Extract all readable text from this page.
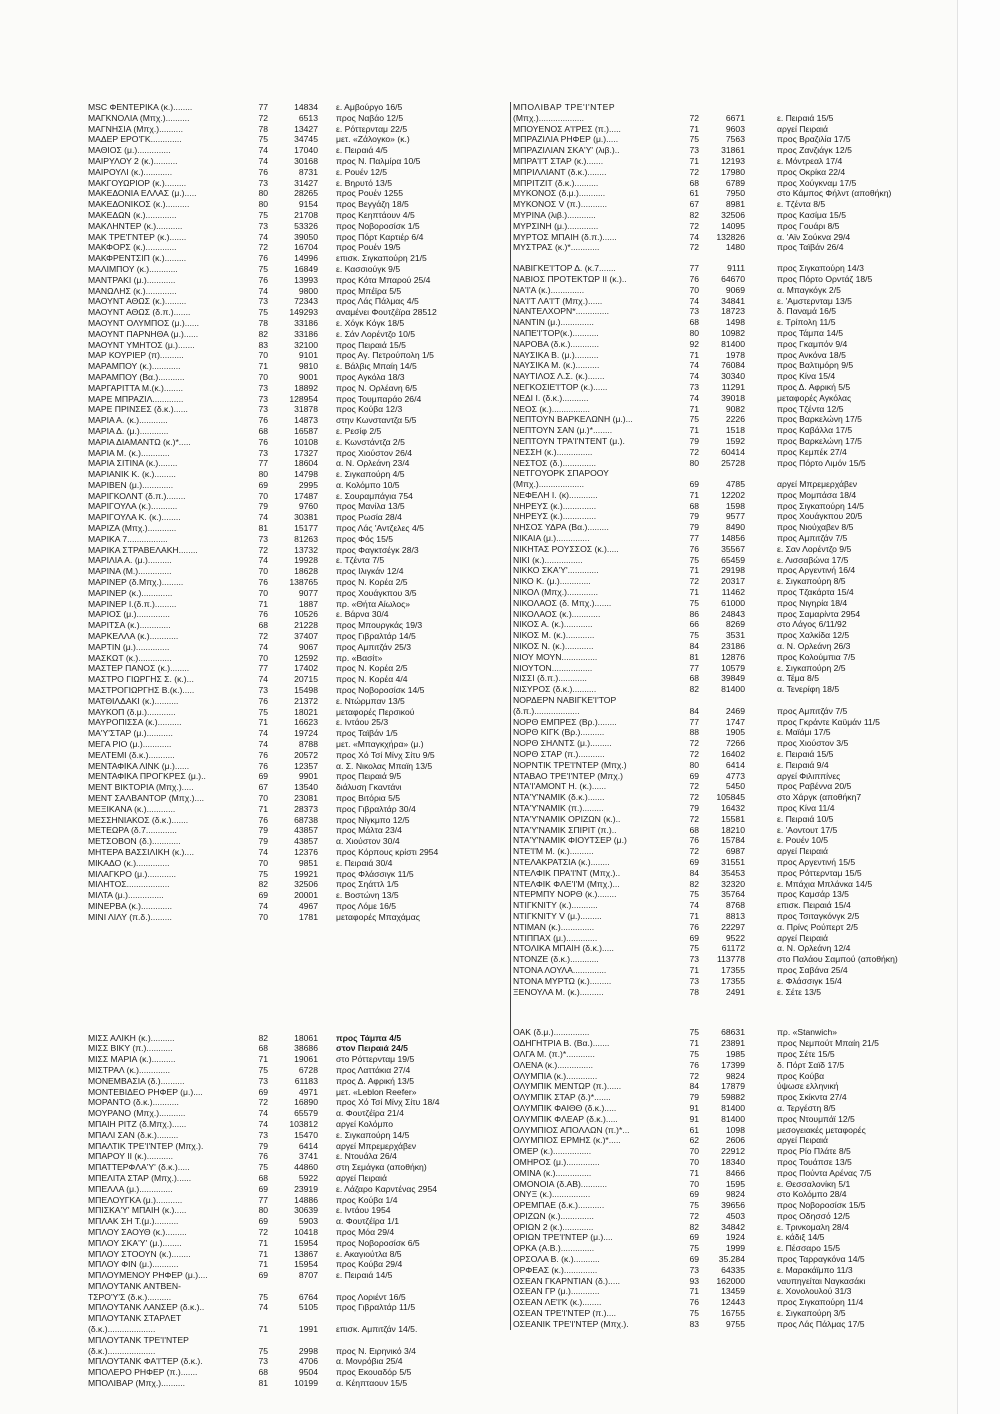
MSC ΦΕΝΤΕΡΙΚΑ (κ.)........	77	14834	ε. Αμβούργο 16/5
ΜΑΓΚΝΟΛΙΑ (Μπχ.)..........	72	6513	προς Ναβάο 12/5
ΜΑΓΝΗΣΙΑ (Μπχ.)..........	78	13427	ε. Ρόττερνταμ 22/5
ΜΑΔΕΡ ΕΡΟ'ΓΚ.............	75	34745	μετ. «Ζάλογκο» (κ.)
ΜΑΘΙΟΣ (μ.)..............	74	17040	ε. Πειραιά 4/5
ΜΑΙΡΥΛΟΥ 2 (κ.)..........	74	30168	προς Ν. Παλμίρα 10/5
ΜΑΙΡΟΥΛΙ (κ.)............	76	8731	ε. Ρουέν 12/5
ΜΑΚΓΟΥΩΡΙΟΡ (κ.).........	73	31427	ε. Βηρυτό 13/5
ΜΑΚΕΔΟΝΙΑ ΕΛΛΑΣ (μ.).....	80	28265	προς Ρουέν 1255
ΜΑΚΕΔΟΝΙΚΟΣ (κ.)..........	80	9154	προς Βεγγάζη 18/5
ΜΑΚΕΔΩΝ (κ.).............	75	21708	προς Κεηπτάουν 4/5
ΜΑΚΛΗΝΤΕΡ (κ.)...........	73	53326	προς Νοβοροσίσκ 1/5
ΜΑΚ ΤΡΕ'ΓΝΤΕΡ (κ.).......	74	39050	προς Πόρτ Καρτιέρ 6/4
ΜΑΚΦΟΡΣ (κ.).............	72	16704	προς Ρουέν 19/5
ΜΑΚΦΡΕΝΤΣΙΠ (κ.).........	76	14996	επισκ. Σιγκαπούρη 21/5
ΜΑΛΙΜΠΟΥ (κ.)............	75	16849	ε. Κασσιούγκ 9/5
ΜΑΝΤΡΑΚΙ (μ.)............	76	13993	προς Κότα Μπαρού 25/4
ΜΑΝΩΛΗΣ (κ.).............	74	9800	προς Μπέϊρα 5/5
ΜΑΟΥΝΤ ΑΘΩΣ (κ.).........	73	72343	προς Λάς Πάλμας 4/5
ΜΑΟΥΝΤ ΑΘΩΣ (δ.π.).......	75	149293	αναμένει Φουτζέϊρα 28512
ΜΑΟΥΝΤ ΟΛΥΜΠΟΣ (μ.)......	78	33186	ε. Χόγκ Κόγκ 18/5
ΜΑΟΥΝΤ ΠΑΡΝΗΘΑ (μ.)......	82	33186	ε. Σάν Λορέντζο 10/5
ΜΑΟΥΝΤ ΥΜΗΤΟΣ (μ.).......	83	32100	προς Πειραιά 15/5
ΜΑΡ ΚΟΥΡΙΕΡ (π)..........	70	9101	προς Αγ. Πετρούπολη 1/5
ΜΑΡΑΜΠΟΥ (κ.)............	71	9810	ε. Βάλβις Μπαίη 14/5
ΜΑΡΑΜΠΟΥ (Βα.)...........	70	9001	προς Αγκόλα 18/3
ΜΑΡΓΑΡΙΤΤΑ Μ.(κ.)........	73	18892	προς Ν. Ορλέανη 6/5
ΜΑΡΕ ΜΠΡΑΖΙΛ.............	73	128954	προς Τουμπαράο 26/4
ΜΑΡΕ ΠΡΙΝΣΕΣ (δ.κ.)......	73	31878	προς Κούβα 12/3
ΜΑΡΙΑ Α. (κ.)............	76	14873	στην Κωνσταντζα 5/5
ΜΑΡΙΑ Δ. (μ.)............	68	16587	ε. Ρεσίφ 2/5
ΜΑΡΙΑ ΔΙΑΜΑΝΤΩ (κ.)*.....	76	10108	ε. Κωνστάντζα 2/5
ΜΑΡΙΑ Μ. (κ.)............	73	17327	προς Χιούστον 26/4
ΜΑΡΙΑ ΣΙΤΙΝΑ (κ.)........	77	18604	α. Ν. Ορλεάνη 23/4
ΜΑΡΙΑΝΙΚ Κ. (κ.).........	80	14798	ε. Σιγκαπούρη 4/5
ΜΑΡΙΒΕΝ (μ.).............	69	2995	α. Κολόμπο 10/5
ΜΑΡΙΓΚΟΛΝΤ (δ.π.)........	70	17487	ε. Σουραμπάγια 754
ΜΑΡΙΓΟΥΛΑ (κ.)...........	79	9760	προς Μανίλα 13/5
ΜΑΡΙΓΟΥΛΑ Κ. (κ.)........	74	30381	προς Ρωσία 28/4
ΜΑΡΙΖΑ (Μπχ.)............	81	15177	προς Λάς 'Αντζελες 4/5
ΜΑΡΙΚΑ 7.................	73	81263	προς Φός 15/5
ΜΑΡΙΚΑ ΣΤΡΑΒΕΛΑΚΗ........	72	13732	προς Φαγκτσέγκ 28/3
ΜΑΡΙΛΙΑ Α. (μ.)..........	74	19928	ε. Τζέντα 7/5
ΜΑΡΙΝΑ (Μ.)..............	70	18628	προς Ιλιγκάν 12/4
ΜΑΡΙΝΕΡ (δ.Μπχ.).........	76	138765	προς Ν. Κορέα 2/5
ΜΑΡΙΝΕΡ (κ.).............	70	9077	προς Χουάγκπου 3/5
ΜΑΡΙΝΕΡ Ι.(δ.π.).........	71	1887	πρ. «Θήτα Αίωλος»
ΜΑΡΙΟΣ (μ.)..............	76	10526	ε. Βάρνα 30/4
ΜΑΡΙΤΣΑ (κ.).............	68	21228	προς Μπουργκάς 19/3
ΜΑΡΚΕΛΛΑ (κ.)............	72	37407	προς Γιβραλτάρ 14/5
ΜΑΡΤΙΝ (μ.)..............	74	9067	προς Αμπιτζάν 25/3
ΜΑΣΚΩΤ (κ.)..............	70	12592	πρ. «Βασίτ»
ΜΑΣΤΕΡ ΠΑΝΟΣ (κ.)........	77	17402	προς Ν. Κορέα 2/5
ΜΑΣΤΡΟ ΓΙΩΡΓΗΣ Σ. (κ.)...	74	20715	προς Ν. Κορέα 4/4
ΜΑΣΤΡΟΓΙΩΡΓΗΣ Β.(κ.).....	73	15498	προς Νοβοροσίσκ 14/5
ΜΑΤΘΙΛΔΑΚΙ (κ.)..........	76	21372	ε. Ντώρμπαν 13/5
ΜΑΥΚΟΠ (δ.μ.)............	75	18021	μεταφορές Περσικού
ΜΑΥΡΟΠΙΣΣΑ (κ.)..........	71	16623	ε. Ιντάου 25/3
ΜΑ'Υ'ΣΤΑΡ (μ.)...........	74	19724	προς Ταϊβάν 1/5
ΜΕΓΑ ΡΙΟ (μ.)............	74	8788	μετ. «Μπαγκχήρα» (μ.)
ΜΕΛΤΕΜΙ (δ.κ.)...........	76	20572	προς Χό Τσί Μίνχ Σίτυ 9/5
ΜΕΝΤΑΦΙΚΑ ΛΙΝΚ (μ.)......	76	12357	α. Σ. Νικολας Μπαϊη 13/5
ΜΕΝΤΑΦΙΚΑ ΠΡΟΓΚΡΕΣ (μ.)..	69	9901	προς Πειραιά 9/5
ΜΕΝΤ ΒΙΚΤΟΡΙΑ (Μπχ.).....	67	13540	διάλυση Γκαντάνι
ΜΕΝΤ ΣΑΛΒΑΝΤΟΡ (Μπχ.)....	70	23081	προς Βιτόρια 5/5
ΜΕΞΙΚΑΝΑ (κ.)............	71	28373	προς Γιβραλτάρ 30/4
ΜΕΣΣΗΝΙΑΚΟΣ (δ.κ.).......	76	68738	προς Νίγκμπο 12/5
ΜΕΤΕΩΡΑ (δ.7.............	79	43857	προς Μάλτα 23/4
ΜΕΤΣΟΒΟΝ (δ.)............	79	43857	α. Χιούστον 30/4
ΜΗΤΕΡΑ ΒΑΣΣΙΛΙΚΗ (κ.)....	74	12376	προς Κόρπους κρίστι 2954
ΜΙΚΑΔΟ (κ.)..............	70	9851	ε. Πειραιά 30/4
ΜΙΛΑΓΚΡΟ (μ.)............	75	19921	προς Φλάσσιγκ 11/5
ΜΙΛΗΤΟΣ..................	82	32506	προς Σηάττλ 1/5
ΜΙΛΤΑ (μ.)...............	69	20001	ε. Βοστώνη 13/5
ΜΙΝΕΡΒΑ (κ.).............	74	4967	προς Λόμε 16/5
ΜΙΝΙ ΛΙΛΥ (π.δ.).........	70	1781	μεταφορές Μπαχάμας
ΜΙΣΣ ΑΛΙΚΗ (κ.)..........	82	18061	προς Τάμπα 4/5
ΜΙΣΣ ΒΙΚΥ (π.)...........	68	38686	στον Πειραιά 24/5
ΜΙΣΣ ΜΑΡΙΑ (κ.)..........	71	19061	στο Ρόττερνταμ 19/5
ΜΙΣΤΡΑΛ (κ.).............	75	6728	προς Λαττάκια 27/4
ΜΟΝΕΜΒΑΣΙΑ (δ.)..........	73	61183	προς Δ. Αφρική 13/5
ΜΟΝΤΕΒΙΔΕΟ ΡΗΦΕΡ (μ.)....	69	4971	μετ. «Leblon Reefer»
ΜΟΡΑΝΤΟ (δ.κ.)...........	72	16890	προς Χό Τσί Μίνχ Σίτυ 18/4
ΜΟΥΡΑΝΟ (Μπχ.)...........	74	65579	α. Φουτζέϊρα 21/4
ΜΠΑΙΗ ΡΙΤΖ (δ.Μπχ.)......	74	103812	αργεί Κολόμπο
ΜΠΑΛΙ ΣΑΝ (δ.κ.).........	73	15470	ε. Σιγκαπούρη 14/5
ΜΠΑΛΤΙΚ ΤΡΕ'Ι'ΝΤΕΡ (Μπχ.).	79	6414	αργεί Μπρεμερχάβεν
ΜΠΑΡΟΥ ΙΙ (κ.)...........	76	3741	ε. Ντουάλα 26/4
ΜΠΑΤΤΕΡΦΛΑ'Υ' (δ.κ.).....	75	44860	στη Σεμάγκα (αποθήκη)
ΜΠΕΛΙΤΑ ΣΤΑΡ (Μπχ.)......	68	5922	αργεί Πειραιά
ΜΠΕΛΛΑ (μ.)..............	69	23919	ε. Λάζαρο Καρντένας 2954
ΜΠΕΛΟΥΓΚΑ (μ.)...........	77	14886	προς Κούβα 1/4
ΜΠΙΣΚΑ'Υ' ΜΠΑΙΗ (κ.).....	80	30639	ε. Ιντάου 1954
ΜΠΛΑΚ ΣΗ Τ.(μ.)..........	69	5903	α. Φουτζέϊρα 1/1
ΜΠΛΟΥ ΣΑΟΥΘ (κ.).........	72	10418	προς Μόα 29/4
ΜΠΛΟΥ ΣΚΑ'Υ' (μ.)........	71	15954	προς Νοβοροσίσκ 6/5
ΜΠΛΟΥ ΣΤΟΟΥΝ (κ.)........	71	13867	ε. Ακαγιούτλα 8/5
ΜΠΛΟΥ ΦΙΝ (μ.)...........	71	15954	προς Κούβα 29/4
ΜΠΛΟΥΜΕΝΟΥ ΡΗΦΕΡ (μ.)....	69	8707	ε. Πειραιά 14/5
ΜΠΛΟΥΤΑΝΚ ΑΝΤΒΕΝ-
ΤΣΡΟ'Υ'Σ (δ.κ.)..........	75	6764	προς Λοριέντ 16/5
ΜΠΛΟΥΤΑΝΚ ΛΑΝΣΕΡ (δ.κ.)..	74	5105	προς Γιβραλτάρ 11/5
ΜΠΛΟΥΤΑΝΚ ΣΤΑΡΛΕΤ
(δ.κ.)....................	71	1991	επισκ. Αμπιτζάν 14/5.
ΜΠΛΟΥΤΑΝΚ ΤΡΕ'Ι'ΝΤΕΡ
(δ.κ.)....................	75	2998	προς Ν. Ειρηνικό 3/4
ΜΠΛΟΥΤΑΝΚ ΦΑ'Ι'ΤΕΡ (δ.κ.).	73	4706	α. Μονρόβια 25/4
ΜΠΟΛΕΡΟ ΡΗΦΕΡ (π.).......	68	9504	προς Εκουαδόρ 5/5
ΜΠΟΛΙΒΑΡ (Μπχ.)..........	81	10199	α. Κέηπταουν 15/5
ΜΠΟΛΙΒΑΡ ΤΡΕ'Ι'ΝΤΕΡ
(Μπχ.)...................	72	6671	ε. Πειραιά 15/5
ΜΠΟΥΕΝΟΣ Α'Ι'ΡΕΣ (π.).....	71	9603	αργεί Πειραιά
ΜΠΡΑΖΙΛΙΑ ΡΗΦΕΡ (μ.).....	75	7563	προς Βραζιλία 17/5
ΜΠΡΑΖΙΛΙΑΝ ΣΚΑ'Υ' (λιβ.)..	73	31861	προς Ζανζιάγκ 12/5
ΜΠΡΑ'Ι'Τ ΣΤΑΡ (κ.).......	71	12193	ε. Μόντρεαλ 17/4
ΜΠΡΙΛΛΙΑΝΤ (δ.κ.)........	72	17980	προς Οκρίκα 22/4
ΜΠΡΙΤΖΙΤ (δ.κ.)..........	68	6789	προς Χούγκναμ 17/5
ΜΥΚΟΝΟΣ (δ.μ.)...........	61	7950	στο Κάμπος Φήλντ (αποθήκη)
ΜΥΚΟΝΟΣ V (π.)...........	67	8981	ε. Τζέντα 8/5
ΜΥΡΙΝΑ (λιβ.)............	82	32506	προς Κασίμα 15/5
ΜΥΡΣΙΝΗ (μ.).............	72	14095	προς Γουάρι 8/5
ΜΥΡΤΟΣ ΜΠΑΙΗ (δ.π.)......	74	132826	α. 'Αϊν Σούκνα 29/4
ΜΥΣΤΡΑΣ (κ.)*............	72	1480	προς Ταϊβάν 26/4
ΝΑΒΙΓΚΕ'Ι'ΤΟΡ Δ. (κ.7.......	77	9111	προς Σιγκαπούρη 14/3
ΝΑΒΙΟΣ ΠΡΟΤΕΚΤΩΡ ΙΙ (κ.)..	76	64670	προς Πόρτο Ορντάζ 18/5
ΝΑ'Ι'Α (κ.)..............	70	9069	α. Μπαγκόγκ 2/5
ΝΑ'Ι'Τ ΛΑ'Ι'Τ (Μπχ.)......	74	34841	ε. 'Αμστερνταμ 13/5
ΝΑΝΤΕΛΧΟΡΝ*..............	73	18723	δ. Παναμά 16/5
ΝΑΝΤΙΝ (μ.)..............	68	1498	ε. Τρίπολη 11/5
ΝΑΠΕ'Ι'ΤΟΡ(κ.)...........	80	10982	προς Τάμπα 14/5
ΝΑΡΟΒΑ (δ.κ.)............	92	81400	προς Γκαμπόν 9/4
ΝΑΥΣΙΚΑ Β. (μ.)..........	71	1978	προς Ανκόνα 18/5
ΝΑΥΣΙΚΑ Μ. (κ.)..........	74	76084	προς Βαλτιμόρη 9/5
ΝΑΥΤΙΛΟΣ Λ.Σ. (κ.).......	74	30340	προς Κίνα 15/4
ΝΕΓΚΟΣΙΕ'Ι'ΤΟΡ (κ.)......	73	11291	προς Δ. Αφρική 5/5
ΝΕΔΙ Ι. (δ.κ.)...........	74	39018	μεταφορές Αγκόλας
ΝΕΟΣ (κ.)................	71	9082	προς Τζέντα 12/5
ΝΕΠΤΟΥΝ ΒΑΡΚΕΛΩΝΗ (μ.)...	75	2226	προς Βαρκελώνη 17/5
ΝΕΠΤΟΥΝ ΣΑΝ (μ.)*........	71	1518	προς Καβάλλα 17/5
ΝΕΠΤΟΥΝ ΤΡΑ'Ι'ΝΤΕΝΤ (μ.).	79	1592	προς Βαρκελώνη 17/5
ΝΕΣΣΗ (κ.)...............	72	60414	προς Κεμπέκ 27/4
ΝΕΣΤΟΣ (δ.)..............	80	25728	προς Πόρτο Λιμόν 15/5
ΝΕΤΓΟΥΟΡΚ ΣΠΑΡΟΟΥ
(Μπχ.)...................	69	4785	αργεί Μπρεμερχάβεν
ΝΕΦΕΛΗ Ι. (κ)............	71	12202	προς Μομπάσα 18/4
ΝΗΡΕΥΣ (κ.)..............	68	1598	προς Σιγκαπούρη 14/5
ΝΗΡΕΥΣ (κ.)..............	79	9577	προς Χουάγκπου 20/5
ΝΗΣΟΣ ΥΔΡΑ (Βα.).........	79	8490	προς Νιούχαβεν 8/5
ΝΙΚΑΙΑ (μ.)..............	77	14856	προς Αμπιτζάν 7/5
ΝΙΚΗΤΑΣ ΡΟΥΣΣΟΣ (κ.).....	76	35567	ε. Σαν Λορέντζο 9/5
ΝΙΚΙ (κ.)................	75	65459	ε. Λισσαβώνα 17/5
ΝΙΚΚΟ ΣΚΑ'Υ'.............	71	29198	προς Αργεντινή 16/4
ΝΙΚΟ Κ. (μ.).............	72	20317	ε. Σιγκαπούρη 8/5
ΝΙΚΟΛ (Μπχ.).............	71	11462	προς Τζακάρτα 15/4
ΝΙΚΟΛΑΟΣ (δ. Μπχ.).......	75	61000	προς Νιγηρία 18/4
ΝΙΚΟΛΑΟΣ (κ.)............	86	24843	προς Σαμαρίντα 2954
ΝΙΚΟΣ Α. (κ.)............	66	8269	στο Λάγος 6/11/92
ΝΙΚΟΣ Μ. (κ.)............	75	3531	προς Χαλκίδα 12/5
ΝΙΚΟΣ Ν. (κ.)............	84	23186	α. Ν. Ορλεάνη 26/3
ΝΙΟΥ ΜΟΥΝ...............	81	12876	προς Κολούμπια 7/5
ΝΙΟΥΤΟΝ.................	77	10579	ε. Σιγκαπούρη 2/5
ΝΙΣΣΙ (δ.π.)............	68	39849	α. Τέμα 8/5
ΝΙΣΥΡΟΣ (δ.κ.)..........	82	81400	α. Τενερίφη 18/5
ΝΟΡΔΕΡΝ ΝΑΒΙΓΚΕ'Ι'ΤΟΡ
(δ.π.)...................	84	2469	προς Αμπιτζάν 7/5
ΝΟΡΘ ΕΜΠΡΕΣ (Βρ.)........	77	1747	προς Γκράντε Καϋμάν 11/5
ΝΟΡΘ ΚΙΓΚ (Βρ.)..........	88	1905	ε. Μαϊάμι 17/5
ΝΟΡΘ ΣΗΛΝΤΣ (μ.).........	72	7266	προς Χιούστον 3/5
ΝΟΡΘ ΣΤΑΡ (π.)...........	72	16402	ε. Πειραιά 15/5
ΝΟΡΝΤΙΚ ΤΡΕ'Ι'ΝΤΕΡ (Μπχ.)	80	6414	ε. Πειραιά 9/4
ΝΤΑΒΑΟ ΤΡΕ'Ι'ΝΤΕΡ (Μπχ.)	69	4773	αργεί Φιλιππίνες
ΝΤΑ'Ι'ΑΜΟΝΤ Η. (κ.)......	72	5450	προς Ραβέννα 20/5
ΝΤΑ'Υ'ΝΑΜΙΚ (δ.κ.).......	72	105845	στο Χάργκ (αποθήκη7
ΝΤΑ'Υ'ΝΑΜΙΚ (π.).........	79	16432	προς Κίνα 11/4
ΝΤΑ'Υ'ΝΑΜΙΚ ΟΡΙΖΩΝ (κ.)..	72	15581	ε. Πειραιά 10/5
ΝΤΑ'Υ'ΝΑΜΙΚ ΣΠΙΡΙΤ (π.)..	68	18210	ε. 'Αοντουτ 17/5
ΝΤΑ'Υ'ΝΑΜΙΚ ΦΙΟΥΤΣΕΡ (μ.)	76	15784	ε. Ρουέν 10/5
ΝΤΕ'Ι'Μ Μ. (κ.)..........	72	6987	αργεί Πειραιά
ΝΤΕΛΑΚΡΑΤΣΙΑ (κ.)........	69	31551	προς Αργεντινή 15/5
ΝΤΕΛΦΙΚ ΠΡΑ'Ι'ΝΤ (Μπχ.)..	84	35453	προς Ρόττερνταμ 15/5
ΝΤΕΛΦΙΚ ΦΛΕ'Ι'Μ (Μπχ.)...	82	32320	ε. Μπάχια Μπλάνκα 14/5
ΝΤΕΡΜΠΥ ΝΟΡΘ (κ.)........	75	35764	προς Καμσάρ 13/5
ΝΤΙΓΚΝΙΤΥ (κ.)...........	74	8768	επισκ. Πειραιά 15/4
ΝΤΙΓΚΝΙΤΥ V (μ.).........	71	8813	προς Τσιταγκόνγκ 2/5
ΝΤΙΜΑΝ (κ.)..............	76	22297	α. Πρίνς Ρούπερτ 2/5
ΝΤΙΠΠΑΧ (μ.).............	69	9522	αργεί Πειραιά
ΝΤΟΛΙΚΑ ΜΠΑΙΗ (δ.κ.).....	75	61172	α. Ν. Ορλεάνη 12/4
ΝΤΟΝΖΕ (δ.κ.)............	73	113778	στο Παλάου Σαμπού (αποθήκη)
ΝΤΟΝΑ ΛΟΥΛΑ..............	71	17355	προς Σαβάνα 25/4
ΝΤΟΝΑ ΜΥΡΤΩ (κ.).........	73	17355	ε. Φλάσσιγκ 15/4
ΞΕΝΟΥΛΑ Μ. (κ.)..........	78	2491	ε. Σέτε 13/5
ΟΑΚ (δ.μ.)...............	75	68631	πρ. «Stanwich»
ΟΔΗΓΗΤΡΙΑ Β. (Βα.).......	71	23891	προς Νεμπούτ Μπαίη 21/5
ΟΛΓΑ Μ. (π.)*............	75	1985	προς Σέτε 15/5
ΟΛΕΝΑ (κ.)...............	76	17399	δ. Πόρτ Σαϊδ 17/5
ΟΛΥΜΠΙΑ (κ.).............	72	9824	προς Κούβα
ΟΛΥΜΠΙΚ ΜΕΝΤΩΡ (π.)......	84	17879	ύψωσε ελληνική
ΟΛΥΜΠΙΚ ΣΤΑΡ (δ.)*.......	79	59882	προς Σκίκντα 27/4
ΟΛΥΜΠΙΚ ΦΑΙΘΘ (δ.κ.).....	91	81400	α. Τεργέστη 8/5
ΟΛΥΜΠΙΚ ΦΛΕΑΡ (δ.κ.).....	91	81400	προς Ντουμπάϊ 12/5
ΟΛΥΜΠΙΟΣ ΑΠΟΛΛΩΝ (π.)*...	61	1098	μεσογειακές μεταφορές
ΟΛΥΜΠΙΟΣ ΕΡΜΗΣ (κ.)*.....	62	2606	αργεί Πειραιά
ΟΜΕΡ (κ.)................	70	22912	προς Ρίο Πλάτε 8/5
ΟΜΗΡΟΣ (μ.)..............	70	18340	προς Τουάπσε 13/5
ΟΜΙΝΑ (κ.)...............	71	8466	προς Πούντα Αρένας 7/5
ΟΜΟΝΟΙΑ (δ.ΑΒ)...........	70	1595	ε. Θεσσαλονίκη 5/1
ΟΝΥΞ (κ.)................	69	9824	στο Κολόμπο 28/4
ΟΡΕΜΠΑΕ (δ.κ.)...........	75	39656	προς Νοβοροσίσκ 15/5
ΟΡΙΖΩΝ (κ.)..............	72	4503	προς Οδησσό 12/5
ΟΡΙΩΝ 2 (κ.).............	82	34842	ε. Τρινκομαλη 28/4
ΟΡΙΩΝ ΤΡΕ'Ι'ΝΤΕΡ (μ.)....	69	1924	ε. κάδιξ 14/5
ΟΡΚΑ (Α.Β.)..............	75	1999	ε. Πέσσαρο 15/5
ΟΡΣΟΛΑ Β. (κ.)...........	69	35.284	προς Ταρραγκόνα 14/5
ΟΡΦΕΑΣ (κ.)..............	73	64335	ε. Μαρακάϊμπο 11/3
ΟΣΕΑΝ ΓΚΑΡΝΤΙΑΝ (δ.).....	93	162000	ναυπηγείται Ναγκασάκι
ΟΣΕΑΝ ΓΡ (μ.)............	71	13459	ε. Χονολουλού 31/3
ΟΣΕΑΝ ΛΕ'Ι'Κ (κ.)........	76	12443	προς Σιγκαπούρη 11/4
ΟΣΕΑΝ ΤΡΕ'Ι'ΝΤΕΡ (π.)....	75	16755	ε. Σιγκαπούρη 3/5
ΟΣΕΑΝΙΚ ΤΡΕ'Ι'ΝΤΕΡ (Μπχ.).	83	9755	προς Λάς Πάλμας 17/5
